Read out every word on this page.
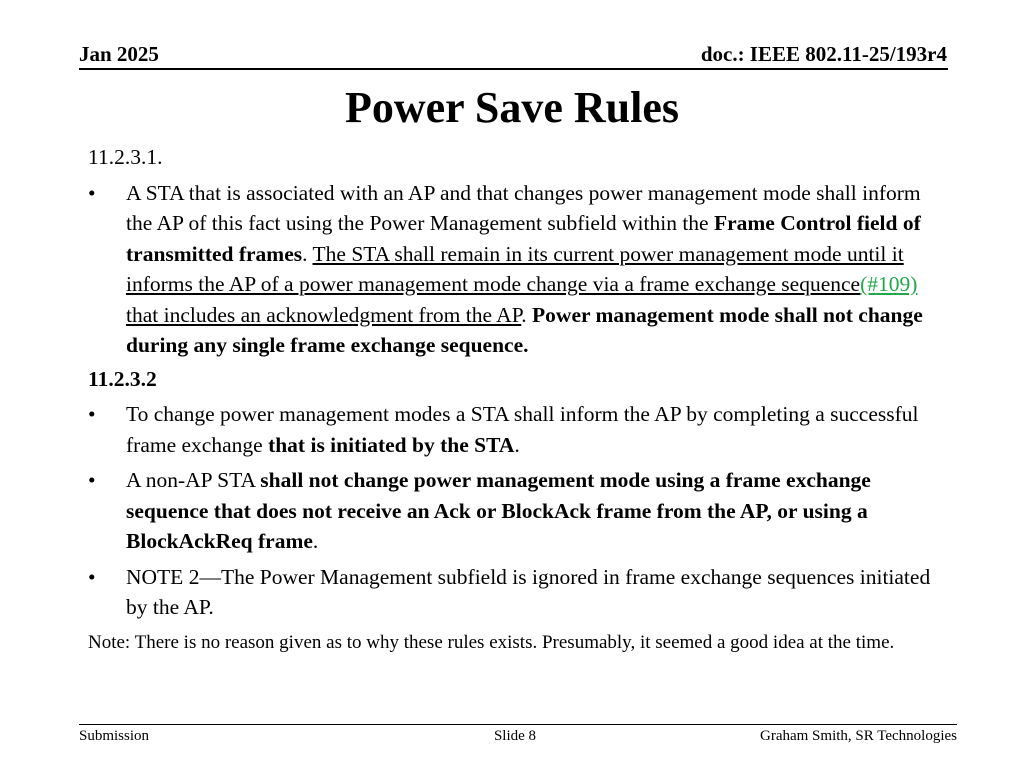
Jan 2025	doc.: IEEE 802.11-25/193r4
Power Save Rules
11.2.3.1.
•	A STA that is associated with an AP and that changes power management mode shall inform the AP of this fact using the Power Management subfield within the Frame Control field of transmitted frames. The STA shall remain in its current power management mode until it informs the AP of a power management mode change via a frame exchange sequence(#109) that includes an acknowledgment from the AP. Power management mode shall not change during any single frame exchange sequence.
11.2.3.2
•	To change power management modes a STA shall inform the AP by completing a successful frame exchange that is initiated by the STA.
•	A non-AP STA shall not change power management mode using a frame exchange sequence that does not receive an Ack or BlockAck frame from the AP, or using a BlockAckReq frame.
•	NOTE 2—The Power Management subfield is ignored in frame exchange sequences initiated by the AP.
Note: There is no reason given as to why these rules exists. Presumably, it seemed a good idea at the time.
Submission	Slide 8	Graham Smith, SR Technologies
